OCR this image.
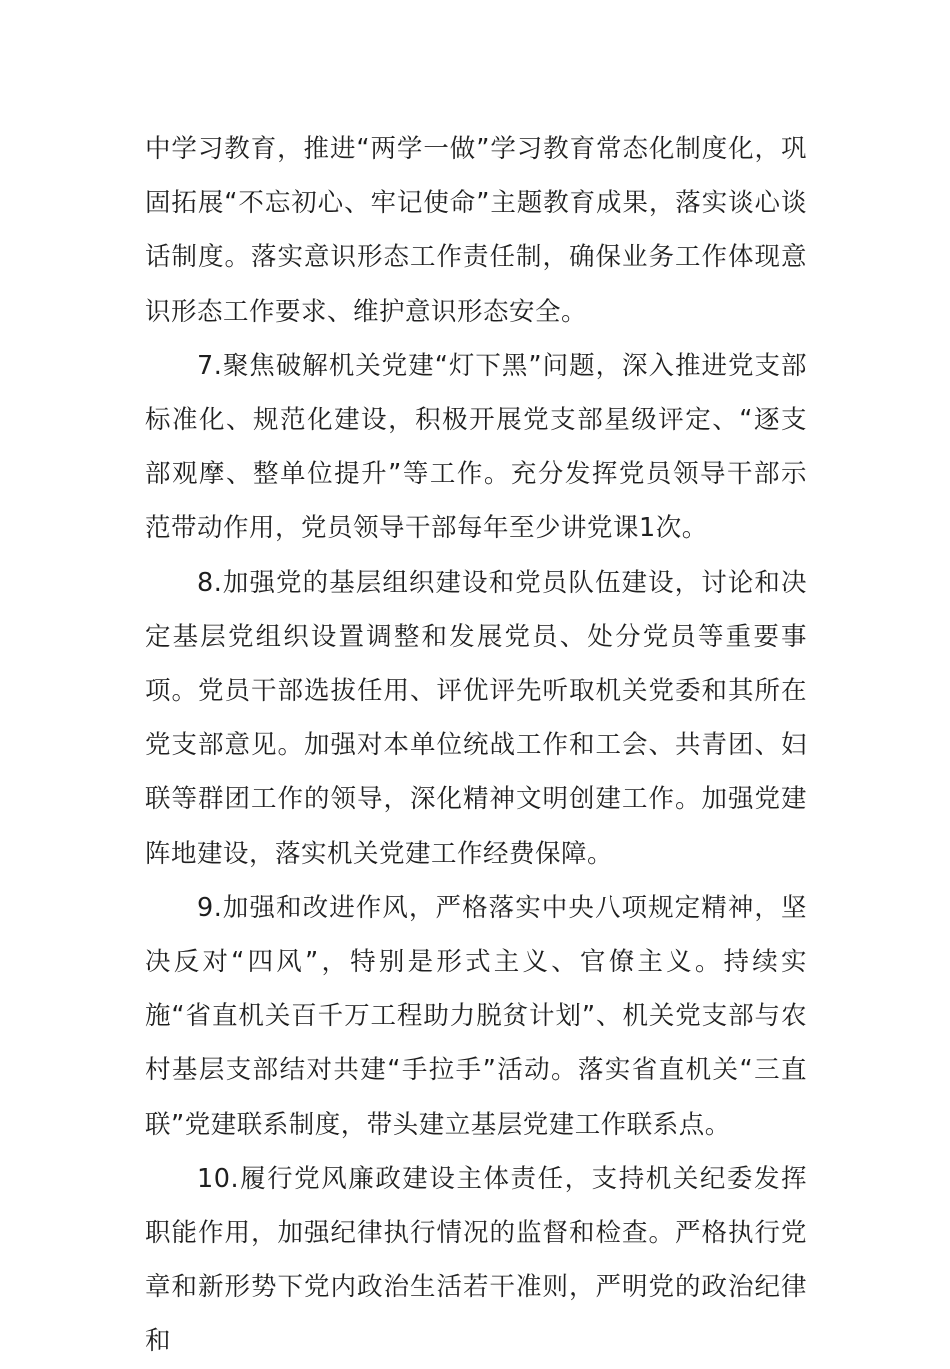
中学习教育，推进“两学一做”学习教育常态化制度化，巩固拓展“不忘初心、牢记使命”主题教育成果，落实谈心谈话制度。落实意识形态工作责任制，确保业务工作体现意识形态工作要求、维护意识形态安全。

7.聚焦破解机关党建“灯下黑”问题，深入推进党支部标准化、规范化建设，积极开展党支部星级评定、“逐支部观摩、整单位提升”等工作。充分发挥党员领导干部示范带动作用，党员领导干部每年至少讲党课1次。

8.加强党的基层组织建设和党员队伍建设，讨论和决定基层党组织设置调整和发展党员、处分党员等重要事项。党员干部选拔任用、评优评先听取机关党委和其所在党支部意见。加强对本单位统战工作和工会、共青团、妇联等群团工作的领导，深化精神文明创建工作。加强党建阵地建设，落实机关党建工作经费保障。

9.加强和改进作风，严格落实中央八项规定精神，坚决反对“四风”，特别是形式主义、官僚主义。持续实施“省直机关百千万工程助力脱贫计划”、机关党支部与农村基层支部结对共建“手拉手”活动。落实省直机关“三直联”党建联系制度，带头建立基层党建工作联系点。

10.履行党风廉政建设主体责任，支持机关纪委发挥职能作用，加强纪律执行情况的监督和检查。严格执行党章和新形势下党内政治生活若干准则，严明党的政治纪律和
